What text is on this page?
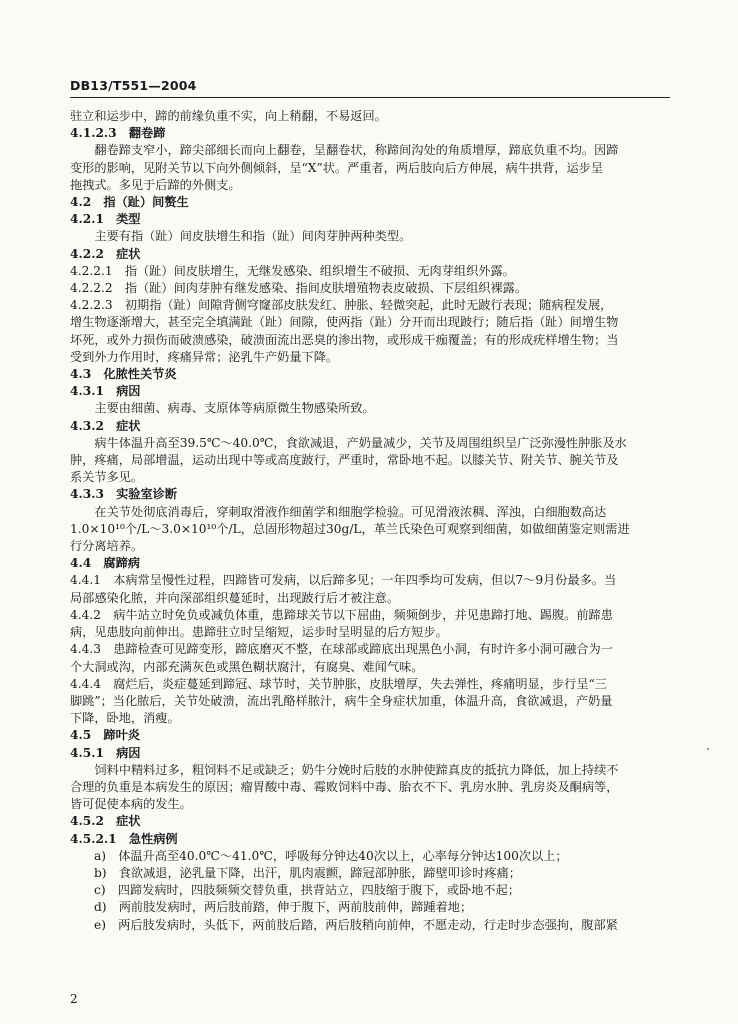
DB13/T551—2004
驻立和运步中，蹄的前缘负重不实，向上稍翻，不易返回。
4.1.2.3　翻卷蹄
翻卷蹄支窄小，蹄尖部细长而向上翻卷，呈翻卷状，称蹄间沟处的角质增厚，蹄底负重不均。因蹄
变形的影响，见附关节以下向外侧倾斜，呈“X”状。严重者，两后肢向后方伸展，病牛拱背，运步呈
拖拽式。多见于后蹄的外侧支。
4.2　指（趾）间赘生
4.2.1　类型
主要有指（趾）间皮肤增生和指（趾）间肉芽肿两种类型。
4.2.2　症状
4.2.2.1　指（趾）间皮肤增生，无继发感染、组织增生不破损、无肉芽组织外露。
4.2.2.2　指（趾）间肉芽肿有继发感染、指间皮肤增殖物表皮破损、下层组织裸露。
4.2.2.3　初期指（趾）间隙背侧穹窿部皮肤发红、肿胀、轻微突起，此时无跛行表现；随病程发展，
增生物逐渐增大，甚至完全填满趾（趾）间隙，使两指（趾）分开而出现跛行；随后指（趾）间增生物
坏死，或外力损伤而破溃感染，破溃面流出恶臭的渗出物，或形成干痂覆盖；有的形成疣样增生物；当
受到外力作用时，疼痛异常；泌乳牛产奶量下降。
4.3　化脓性关节炎
4.3.1　病因
主要由细菌、病毒、支原体等病原微生物感染所致。
4.3.2　症状
病牛体温升高至39.5℃～40.0℃，食欲减退，产奶量减少，关节及周围组织呈广泛弥漫性肿胀及水
肿，疼痛，局部增温，运动出现中等或高度跛行，严重时，常卧地不起。以膝关节、附关节、腕关节及
系关节多见。
4.3.3　实验室诊断
在关节处彻底消毒后，穿刺取滑液作细菌学和细胞学检验。可见滑液浓稠、浑浊，白细胞数高达
1.0×10¹⁰个/L～3.0×10¹⁰个/L，总固形物超过30g/L，革兰氏染色可观察到细菌，如做细菌鉴定则需进
行分离培养。
4.4　腐蹄病
4.4.1　本病常呈慢性过程，四蹄皆可发病，以后蹄多见；一年四季均可发病，但以7～9月份最多。当
局部感染化脓，并向深部组织蔓延时，出现跛行后才被注意。
4.4.2　病牛站立时免负或减负体重，患蹄球关节以下屈曲，频频倒步，并见患蹄打地、踢腹。前蹄患
病，见患肢向前伸出。患蹄驻立时呈缩短，运步时呈明显的后方短步。
4.4.3　患蹄检查可见蹄变形，蹄底磨灭不整，在球部或蹄底出现黑色小洞，有时许多小洞可融合为一
个大洞或沟，内部充满灰色或黑色糊状腐汁，有腐臭、难闻气味。
4.4.4　腐烂后，炎症蔓延到蹄冠、球节时，关节肿胀，皮肤增厚，失去弹性，疼痛明显，步行呈“三
脚跳”；当化脓后，关节处破溃，流出乳酪样脓汁，病牛全身症状加重，体温升高，食欲减退，产奶量
下降，卧地，消瘦。
4.5　蹄叶炎
4.5.1　病因
饲料中精料过多，粗饲料不足或缺乏；奶牛分娩时后肢的水肿使蹄真皮的抵抗力降低，加上持续不
合理的负重是本病发生的原因；瘤胃酸中毒、霉败饲料中毒、胎衣不下、乳房水肿、乳房炎及酮病等，
皆可促使本病的发生。
4.5.2　症状
4.5.2.1　急性病例
a)　体温升高至40.0℃～41.0℃，呼吸每分钟达40次以上，心率每分钟达100次以上；
b)　食欲减退，泌乳量下降，出汗，肌肉震颤，蹄冠部肿胀，蹄壁叩诊时疼痛；
c)　四蹄发病时，四肢频频交替负重，拱背站立，四肢缩于腹下，或卧地不起；
d)　两前肢发病时，两后肢前踏，伸于腹下，两前肢前伸，蹄踵着地；
e)　两后肢发病时，头低下，两前肢后踏，两后肢稍向前伸，不愿走动，行走时步态强拘，腹部紧
2
